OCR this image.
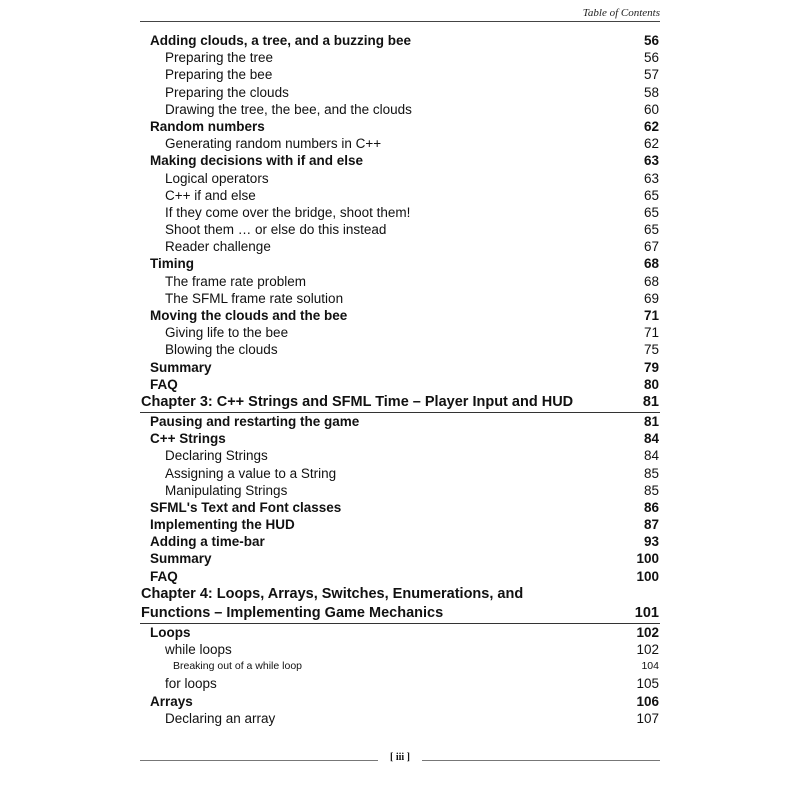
Table of Contents
Adding clouds, a tree, and a buzzing bee	56
Preparing the tree	56
Preparing the bee	57
Preparing the clouds	58
Drawing the tree, the bee, and the clouds	60
Random numbers	62
Generating random numbers in C++	62
Making decisions with if and else	63
Logical operators	63
C++ if and else	65
If they come over the bridge, shoot them!	65
Shoot them … or else do this instead	65
Reader challenge	67
Timing	68
The frame rate problem	68
The SFML frame rate solution	69
Moving the clouds and the bee	71
Giving life to the bee	71
Blowing the clouds	75
Summary	79
FAQ	80
Chapter 3: C++ Strings and SFML Time – Player Input and HUD	81
Pausing and restarting the game	81
C++ Strings	84
Declaring Strings	84
Assigning a value to a String	85
Manipulating Strings	85
SFML's Text and Font classes	86
Implementing the HUD	87
Adding a time-bar	93
Summary	100
FAQ	100
Chapter 4: Loops, Arrays, Switches, Enumerations, and
Functions – Implementing Game Mechanics	101
Loops	102
while loops	102
Breaking out of a while loop	104
for loops	105
Arrays	106
Declaring an array	107
[ iii ]
